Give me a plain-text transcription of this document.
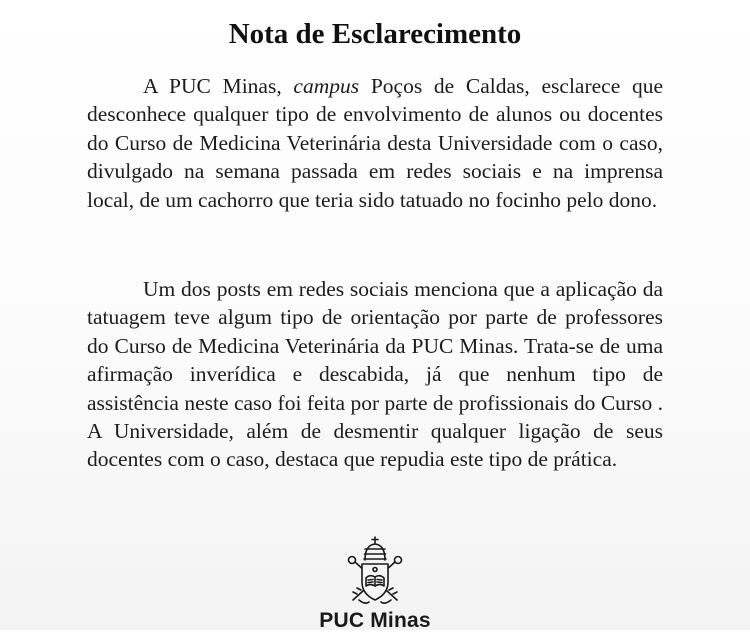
Nota de Esclarecimento

A PUC Minas, campus Poços de Caldas, esclarece que desconhece qualquer tipo de envolvimento de alunos ou docentes do Curso de Medicina Veterinária desta Universidade com o caso, divulgado na semana passada em redes sociais e na imprensa local, de um cachorro que teria sido tatuado no focinho pelo dono.

Um dos posts em redes sociais menciona que a aplicação da tatuagem teve algum tipo de orientação por parte de professores do Curso de Medicina Veterinária da PUC Minas. Trata-se de uma afirmação inverídica e descabida, já que nenhum tipo de assistência neste caso foi feita por parte de profissionais do Curso . A Universidade, além de desmentir qualquer ligação de seus docentes com o caso, destaca que repudia este tipo de prática.

PUC Minas
